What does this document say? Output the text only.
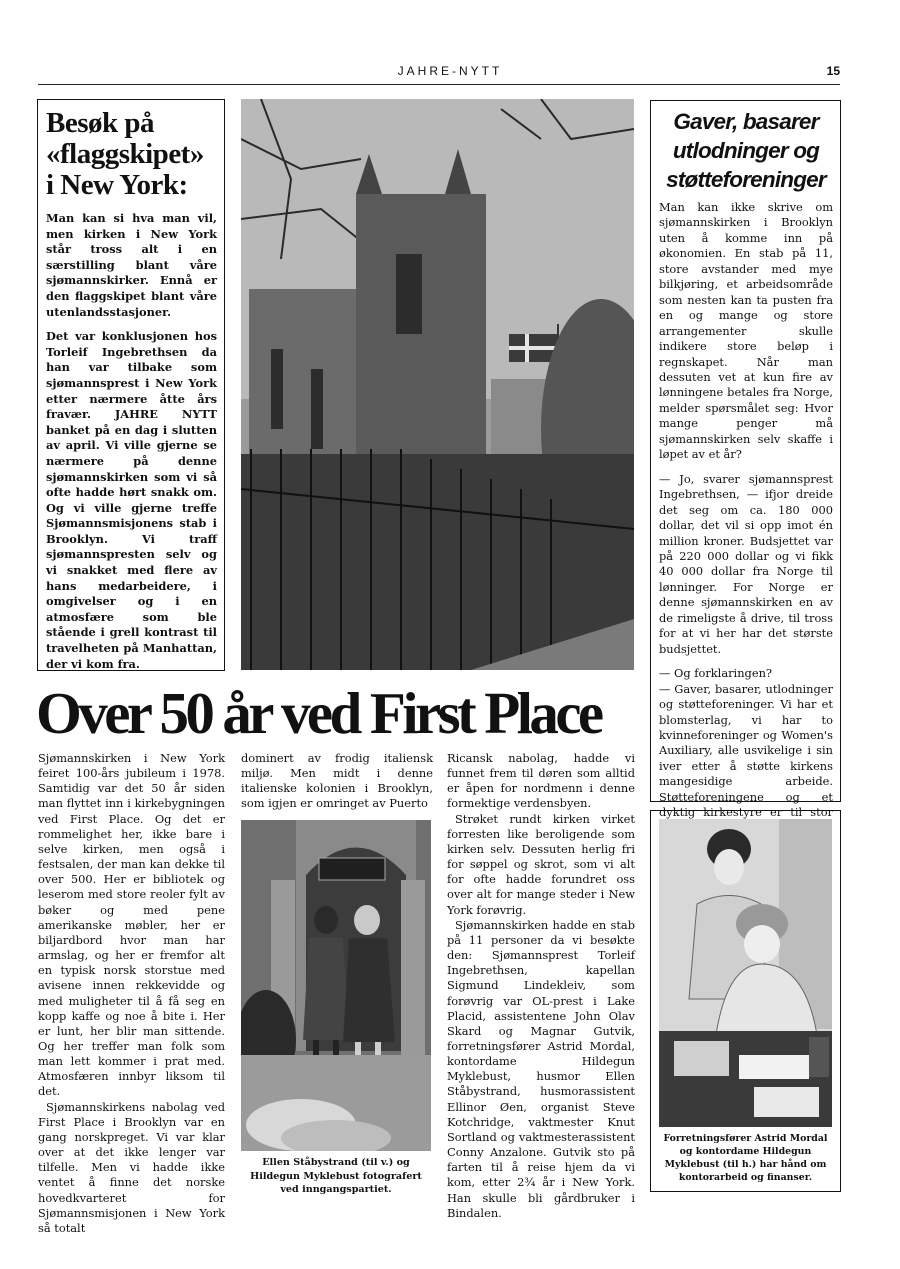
JAHRE-NYTT	15
Besøk på
«flaggskipet»
i New York:

Man kan si hva man vil, men kirken i New York står tross alt i en særstilling blant våre sjømannskirker. Ennå er den flaggskipet blant våre utenlandsstasjoner.

Det var konklusjonen hos Torleif Ingebrethsen da han var tilbake som sjømannsprest i New York etter nærmere åtte års fravær. JAHRE NYTT banket på en dag i slutten av april. Vi ville gjerne se nærmere på denne sjømannskirken som vi så ofte hadde hørt snakk om. Og vi ville gjerne treffe Sjømannsmisjonens stab i Brooklyn. Vi traff sjømannspresten selv og vi snakket med flere av hans medarbeidere, i omgivelser og i en atmosfære som ble stående i grell kontrast til travelheten på Manhattan, der vi kom fra.

Gaver, basarer
utlodninger og
støtteforeninger

Man kan ikke skrive om sjømannskirken i Brooklyn uten å komme inn på økonomien. En stab på 11, store avstander med mye bilkjøring, et arbeidsområde som nesten kan ta pusten fra en og mange og store arrangementer skulle indikere store beløp i regnskapet. Når man dessuten vet at kun fire av lønningene betales fra Norge, melder spørsmålet seg: Hvor mange penger må sjømannskirken selv skaffe i løpet av et år?

— Jo, svarer sjømannsprest Ingebrethsen, — ifjor dreide det seg om ca. 180 000 dollar, det vil si opp imot én million kroner. Budsjettet var på 220 000 dollar og vi fikk 40 000 dollar fra Norge til lønninger. For Norge er denne sjømannskirken en av de rimeligste å drive, til tross for at vi her har det største budsjettet.

— Og forklaringen?

— Gaver, basarer, utlodninger og støtteforeninger. Vi har et blomsterlag, vi har to kvinneforeninger og Women's Auxiliary, alle usvikelige i sin iver etter å støtte kirkens mangesidige arbeide. Støtteforeningene og et dyktig kirkestyre er til stor

Forretningsfører Astrid Mordal og kontordame Hildegun Myklebust (til h.) har hånd om kontorarbeid og finanser.
Over 50 år ved First Place

Sjømannskirken i New York feiret 100-års jubileum i 1978. Samtidig var det 50 år siden man flyttet inn i kirkebygningen ved First Place. Og det er rommelighet her, ikke bare i selve kirken, men også i festsalen, der man kan dekke til over 500. Her er bibliotek og leserom med store reoler fylt av bøker og med pene amerikanske møbler, her er biljardbord hvor man har armslag, og her er fremfor alt en typisk norsk storstue med avisene innen rekkevidde og med muligheter til å få seg en kopp kaffe og noe å bite i. Her er lunt, her blir man sittende. Og her treffer man folk som man lett kommer i prat med. Atmosfæren innbyr liksom til det.

Sjømannskirkens nabolag ved First Place i Brooklyn var en gang norskpreget. Vi var klar over at det ikke lenger var tilfelle. Men vi hadde ikke ventet å finne det norske hovedkvarteret for Sjømannsmisjonen i New York så totalt

dominert av frodig italiensk miljø. Men midt i denne italienske kolonien i Brooklyn, som igjen er omringet av Puerto

Ellen Ståbystrand (til v.) og Hildegun Myklebust fotografert ved inngangspartiet.

Ricansk nabolag, hadde vi funnet frem til døren som alltid er åpen for nordmenn i denne formektige verdensbyen.

Strøket rundt kirken virket forresten like beroligende som kirken selv. Dessuten herlig fri for søppel og skrot, som vi alt for ofte hadde forundret oss over alt for mange steder i New York forøvrig.

Sjømannskirken hadde en stab på 11 personer da vi besøkte den: Sjømannsprest Torleif Ingebrethsen, kapellan Sigmund Lindekleiv, som forøvrig var OL-prest i Lake Placid, assistentene John Olav Skard og Magnar Gutvik, forretningsfører Astrid Mordal, kontordame Hildegun Myklebust, husmor Ellen Ståbystrand, husmorassistent Ellinor Øen, organist Steve Kotchridge, vaktmester Knut Sortland og vaktmesterassistent Conny Anzalone. Gutvik sto på farten til å reise hjem da vi kom, etter 2¾ år i New York. Han skulle bli gårdbruker i Bindalen.
